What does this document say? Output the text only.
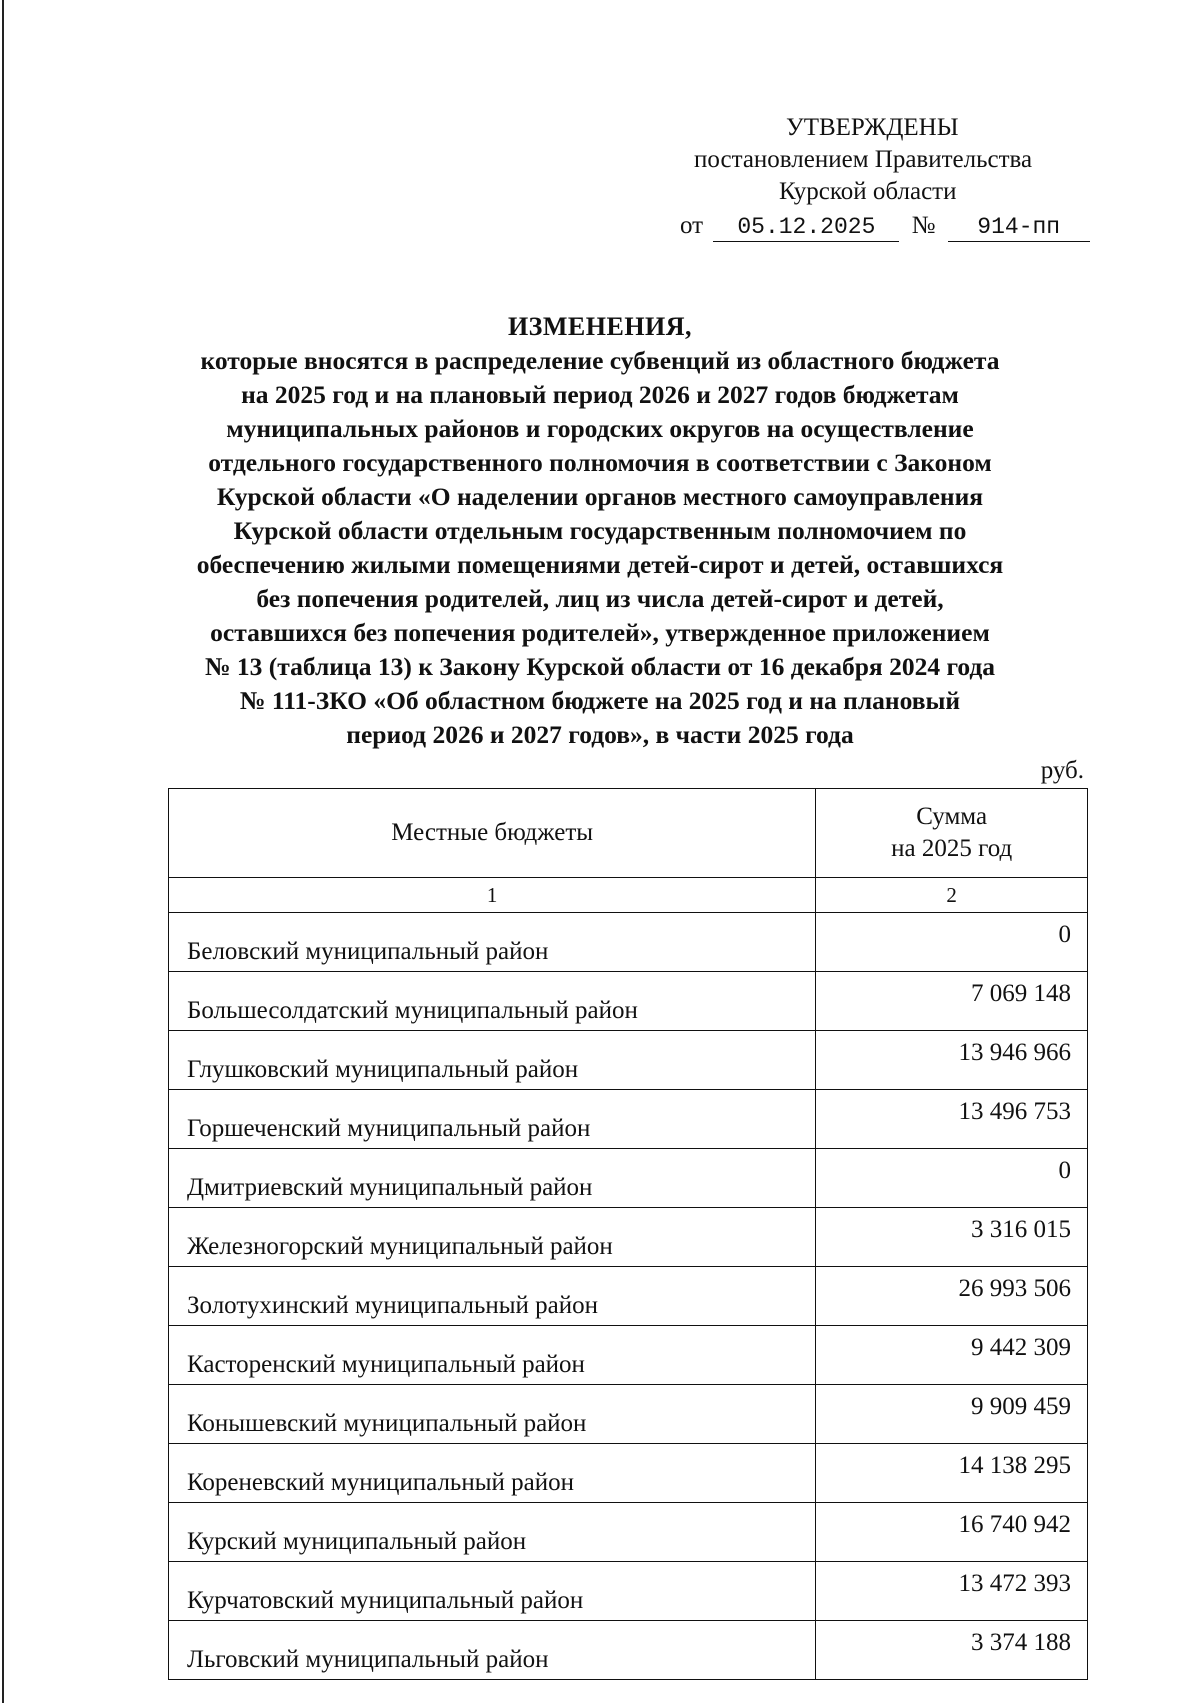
УТВЕРЖДЕНЫ
постановлением Правительства
Курской области
от 05.12.2025 № 914-пп
ИЗМЕНЕНИЯ,
которые вносятся в распределение субвенций из областного бюджета
на 2025 год и на плановый период 2026 и 2027 годов бюджетам
муниципальных районов и городских округов на осуществление
отдельного государственного полномочия в соответствии с Законом
Курской области «О наделении органов местного самоуправления
Курской области отдельным государственным полномочием по
обеспечению жилыми помещениями детей-сирот и детей, оставшихся
без попечения родителей, лиц из числа детей-сирот и детей,
оставшихся без попечения родителей», утвержденное приложением
№ 13 (таблица 13) к Закону Курской области от 16 декабря 2024 года
№ 111-ЗКО «Об областном бюджете на 2025 год и на плановый
период 2026 и 2027 годов», в части 2025 года
руб.
Местные бюджеты	Сумма
на 2025 год
1	2
Беловский муниципальный район	0
Большесолдатский муниципальный район	7 069 148
Глушковский муниципальный район	13 946 966
Горшеченский муниципальный район	13 496 753
Дмитриевский муниципальный район	0
Железногорский муниципальный район	3 316 015
Золотухинский муниципальный район	26 993 506
Касторенский муниципальный район	9 442 309
Конышевский муниципальный район	9 909 459
Кореневский муниципальный район	14 138 295
Курский муниципальный район	16 740 942
Курчатовский муниципальный район	13 472 393
Льговский муниципальный район	3 374 188
